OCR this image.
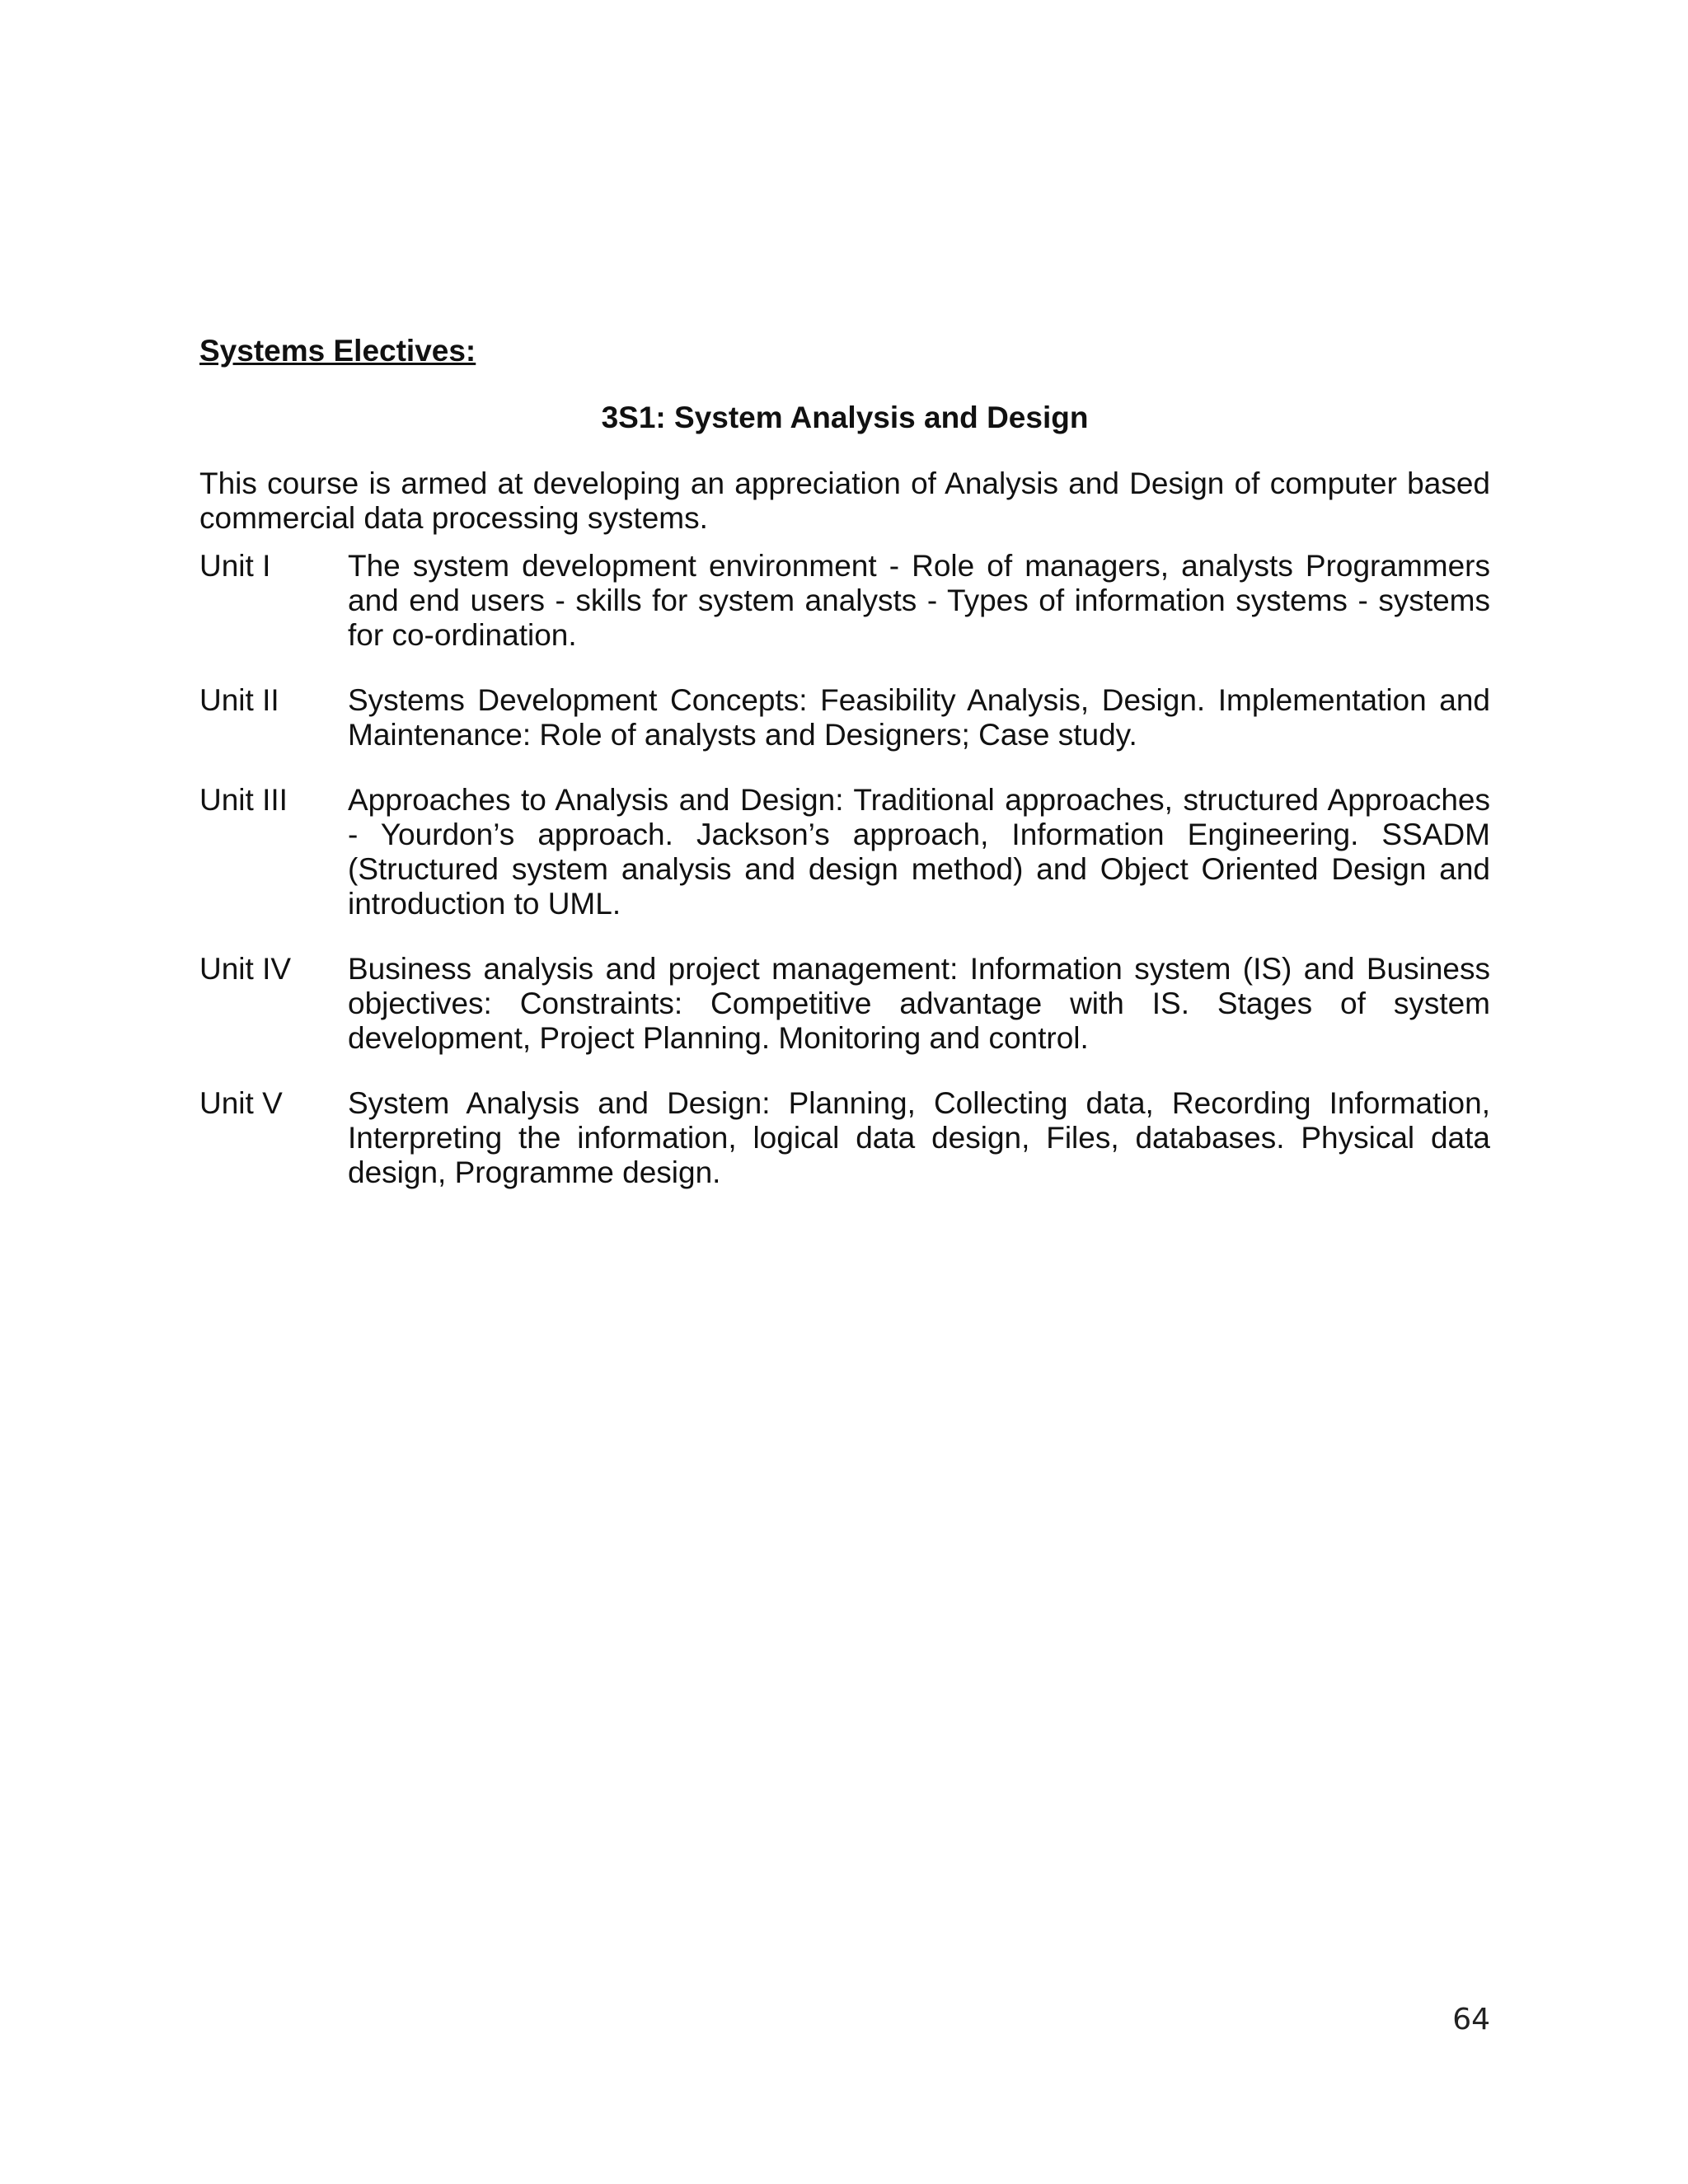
Systems Electives:

3S1: System Analysis and Design

This course is armed at developing an appreciation of Analysis and Design of computer based commercial data processing systems.

Unit I	The system development environment - Role of managers, analysts Programmers and end users - skills for system analysts - Types of information systems - systems for co-ordination.
Unit II	Systems Development Concepts: Feasibility Analysis, Design. Implementation and Maintenance: Role of analysts and Designers; Case study.
Unit III	Approaches to Analysis and Design: Traditional approaches, structured Approaches - Yourdon’s approach. Jackson’s approach, Information Engineering. SSADM (Structured system analysis and design method) and Object Oriented Design and introduction to UML.
Unit IV	Business analysis and project management: Information system (IS) and Business objectives: Constraints: Competitive advantage with IS. Stages of system development, Project Planning. Monitoring and control.
Unit V	System Analysis and Design: Planning, Collecting data, Recording Information, Interpreting the information, logical data design, Files, databases. Physical data design, Programme design.
64
